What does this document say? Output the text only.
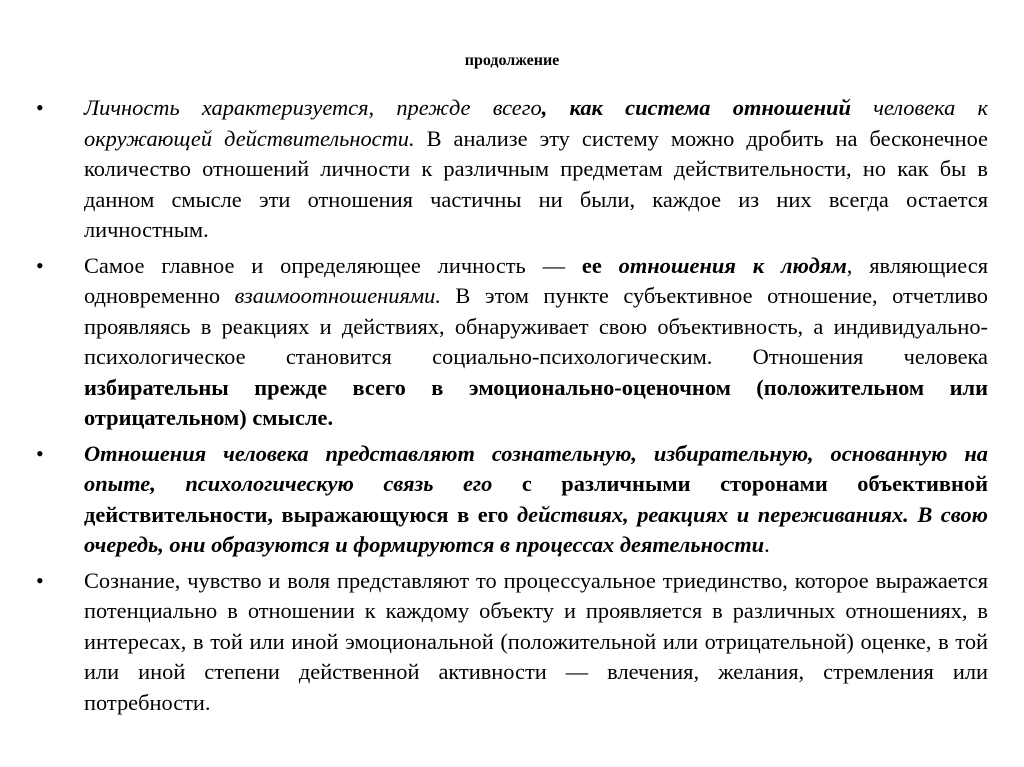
продолжение
• Личность характеризуется, прежде всего, как система отношений человека к окружающей действительности. В анализе эту систему можно дробить на бесконечное количество отношений личности к различным предметам действительности, но как бы в данном смысле эти отношения частичны ни были, каждое из них всегда остается личностным.
• Самое главное и определяющее личность — ее отношения к людям, являющиеся одновременно взаимоотношениями. В этом пункте субъективное отношение, отчетливо проявляясь в реакциях и действиях, обнаруживает свою объективность, а индивидуально-психологическое становится социально-психологическим. Отношения человека избирательны прежде всего в эмоционально-оценочном (положительном или отрицательном) смысле.
• Отношения человека представляют сознательную, избирательную, основанную на опыте, психологическую связь его с различными сторонами объективной действительности, выражающуюся в его действиях, реакциях и переживаниях. В свою очередь, они образуются и формируются в процессах деятельности.
• Сознание, чувство и воля представляют то процессуальное триединство, которое выражается потенциально в отношении к каждому объекту и проявляется в различных отношениях, в интересах, в той или иной эмоциональной (положительной или отрицательной) оценке, в той или иной степени действенной активности — влечения, желания, стремления или потребности.
